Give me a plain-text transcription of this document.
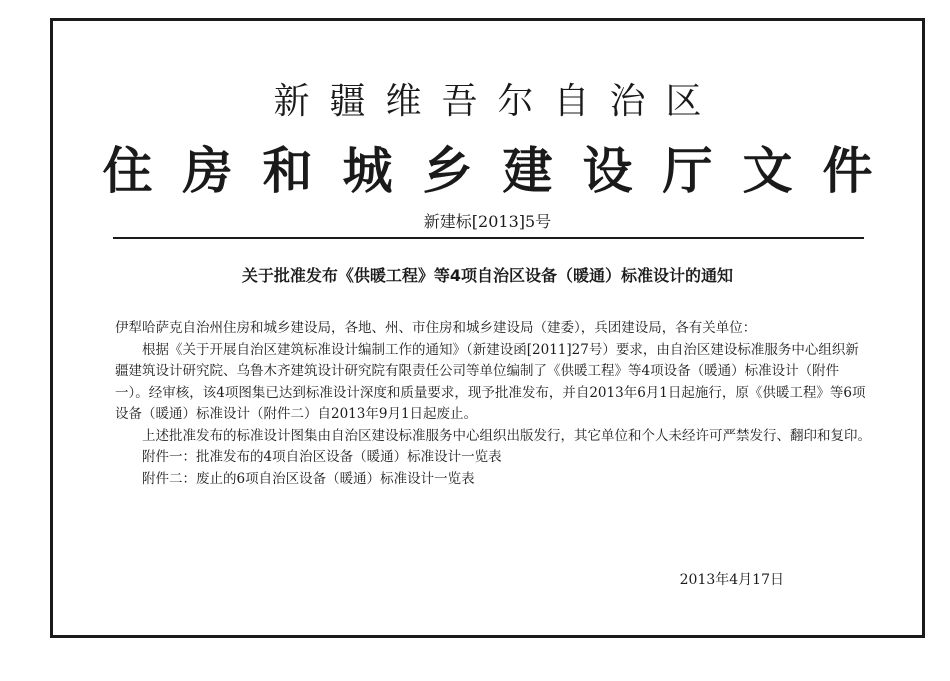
新疆维吾尔自治区
住房和城乡建设厅文件
新建标[2013]5号
关于批准发布《供暖工程》等4项自治区设备（暖通）标准设计的通知

伊犁哈萨克自治州住房和城乡建设局，各地、州、市住房和城乡建设局（建委），兵团建设局，各有关单位：

根据《关于开展自治区建筑标准设计编制工作的通知》（新建设函[2011]27号）要求，由自治区建设标准服务中心组织新疆建筑设计研究院、乌鲁木齐建筑设计研究院有限责任公司等单位编制了《供暖工程》等4项设备（暖通）标准设计（附件一）。经审核，该4项图集已达到标准设计深度和质量要求，现予批准发布，并自2013年6月1日起施行，原《供暖工程》等6项设备（暖通）标准设计（附件二）自2013年9月1日起废止。

上述批准发布的标准设计图集由自治区建设标准服务中心组织出版发行，其它单位和个人未经许可严禁发行、翻印和复印。

附件一：批准发布的4项自治区设备（暖通）标准设计一览表

附件二：废止的6项自治区设备（暖通）标准设计一览表

2013年4月17日
